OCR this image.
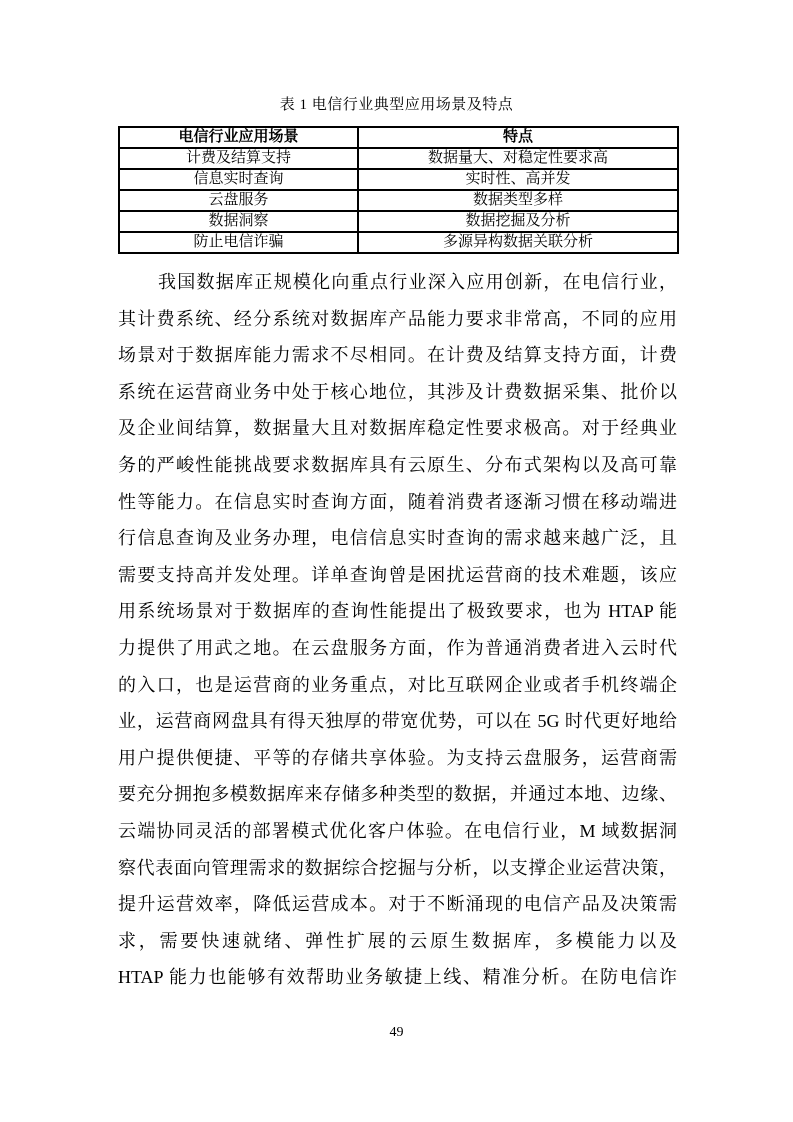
表 1 电信行业典型应用场景及特点
电信行业应用场景	特点
计费及结算支持	数据量大、对稳定性要求高
信息实时查询	实时性、高并发
云盘服务	数据类型多样
数据洞察	数据挖掘及分析
防止电信诈骗	多源异构数据关联分析
我国数据库正规模化向重点行业深入应用创新，在电信行业，
其计费系统、经分系统对数据库产品能力要求非常高，不同的应用
场景对于数据库能力需求不尽相同。在计费及结算支持方面，计费
系统在运营商业务中处于核心地位，其涉及计费数据采集、批价以
及企业间结算，数据量大且对数据库稳定性要求极高。对于经典业
务的严峻性能挑战要求数据库具有云原生、分布式架构以及高可靠
性等能力。在信息实时查询方面，随着消费者逐渐习惯在移动端进
行信息查询及业务办理，电信信息实时查询的需求越来越广泛，且
需要支持高并发处理。详单查询曾是困扰运营商的技术难题，该应
用系统场景对于数据库的查询性能提出了极致要求，也为 HTAP 能
力提供了用武之地。在云盘服务方面，作为普通消费者进入云时代
的入口，也是运营商的业务重点，对比互联网企业或者手机终端企
业，运营商网盘具有得天独厚的带宽优势，可以在 5G 时代更好地给
用户提供便捷、平等的存储共享体验。为支持云盘服务，运营商需
要充分拥抱多模数据库来存储多种类型的数据，并通过本地、边缘、
云端协同灵活的部署模式优化客户体验。在电信行业，M 域数据洞
察代表面向管理需求的数据综合挖掘与分析，以支撑企业运营决策，
提升运营效率，降低运营成本。对于不断涌现的电信产品及决策需
求，需要快速就绪、弹性扩展的云原生数据库，多模能力以及
HTAP 能力也能够有效帮助业务敏捷上线、精准分析。在防电信诈
49
